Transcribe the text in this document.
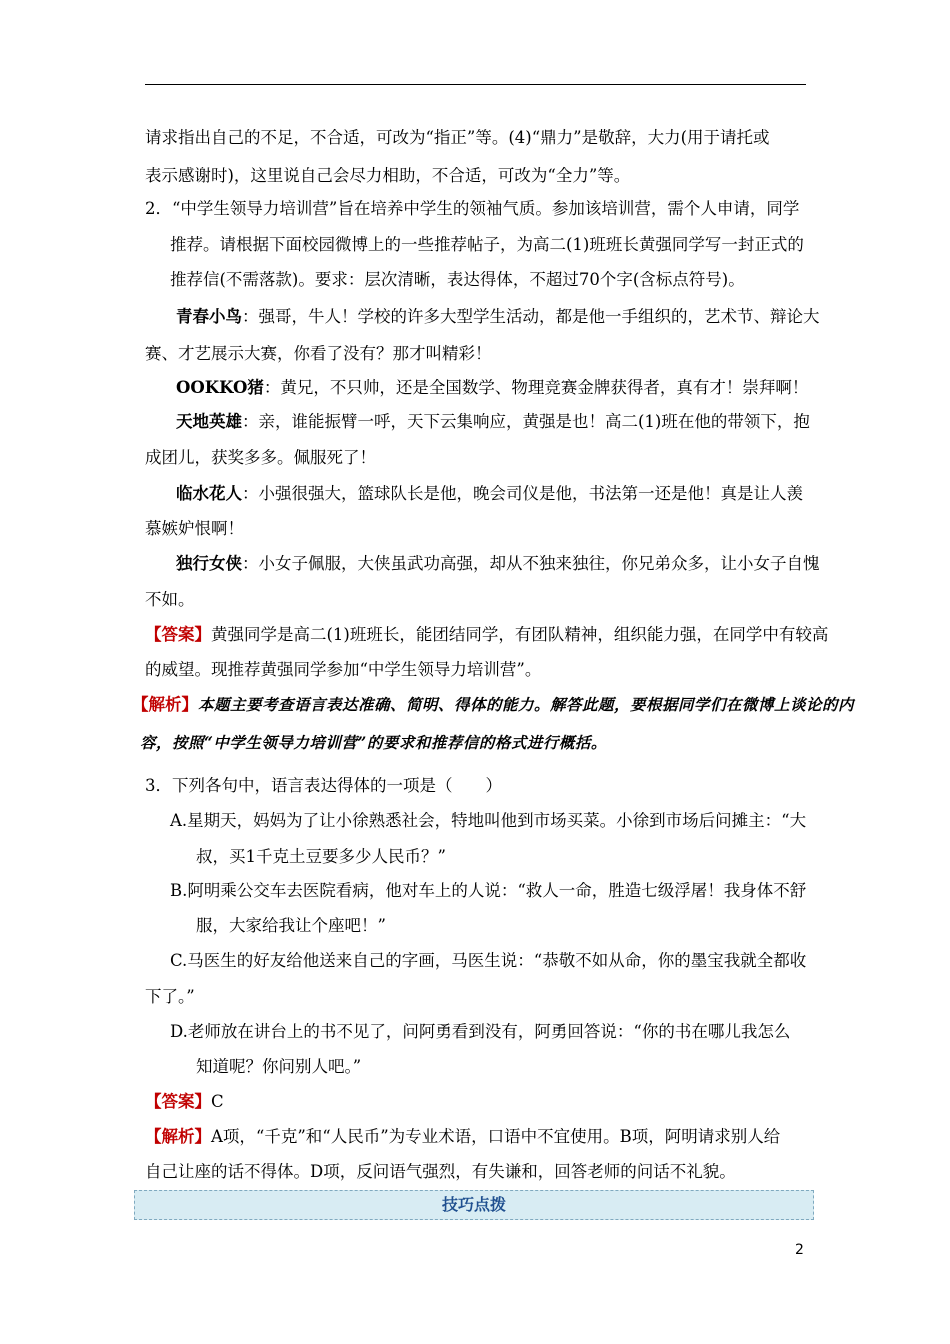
请求指出自己的不足，不合适，可改为“指正”等。(4)“鼎力”是敬辞，大力(用于请托或
表示感谢时)，这里说自己会尽力相助，不合适，可改为“全力”等。
2．“中学生领导力培训营”旨在培养中学生的领袖气质。参加该培训营，需个人申请，同学
推荐。请根据下面校园微博上的一些推荐帖子，为高二(1)班班长黄强同学写一封正式的
推荐信(不需落款)。要求：层次清晰，表达得体，不超过70个字(含标点符号)。
青春小鸟：强哥，牛人！学校的许多大型学生活动，都是他一手组织的，艺术节、辩论大
赛、才艺展示大赛，你看了没有？那才叫精彩！
OOKKO猪：黄兄，不只帅，还是全国数学、物理竞赛金牌获得者，真有才！崇拜啊！
天地英雄：亲，谁能振臂一呼，天下云集响应，黄强是也！高二(1)班在他的带领下，抱
成团儿，获奖多多。佩服死了！
临水花人：小强很强大，篮球队长是他，晚会司仪是他，书法第一还是他！真是让人羡
慕嫉妒恨啊！
独行女侠：小女子佩服，大侠虽武功高强，却从不独来独往，你兄弟众多，让小女子自愧
不如。
【答案】黄强同学是高二(1)班班长，能团结同学，有团队精神，组织能力强，在同学中有较高
的威望。现推荐黄强同学参加“中学生领导力培训营”。
【解析】本题主要考查语言表达准确、简明、得体的能力。解答此题，要根据同学们在微博上谈论的内
容，按照“中学生领导力培训营”的要求和推荐信的格式进行概括。
3．下列各句中，语言表达得体的一项是（　　）
A.星期天，妈妈为了让小徐熟悉社会，特地叫他到市场买菜。小徐到市场后问摊主：“大
叔，买1千克土豆要多少人民币？”
B.阿明乘公交车去医院看病，他对车上的人说：“救人一命，胜造七级浮屠！我身体不舒
服，大家给我让个座吧！”
C.马医生的好友给他送来自己的字画，马医生说：“恭敬不如从命，你的墨宝我就全都收
下了。”
D.老师放在讲台上的书不见了，问阿勇看到没有，阿勇回答说：“你的书在哪儿我怎么
知道呢？你问别人吧。”
【答案】C
【解析】A项，“千克”和“人民币”为专业术语，口语中不宜使用。B项，阿明请求别人给
自己让座的话不得体。D项，反问语气强烈，有失谦和，回答老师的问话不礼貌。
技巧点拨
2
